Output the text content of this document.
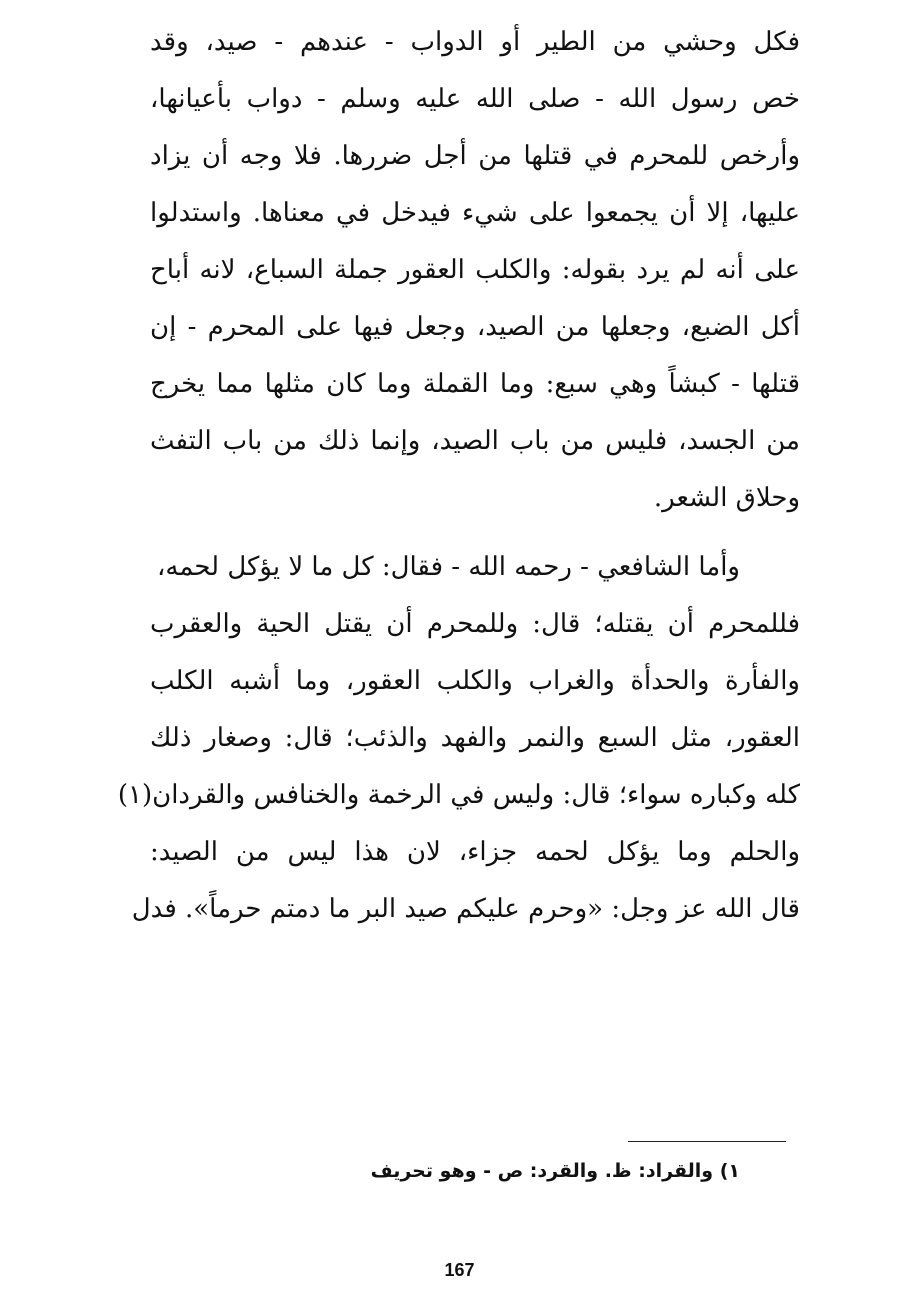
فكل وحشي من الطير أو الدواب - عندهم - صيد، وقد
خص رسول الله - صلى الله عليه وسلم - دواب بأعيانها،
وأرخص للمحرم في قتلها من أجل ضررها. فلا وجه أن يزاد
عليها، إلا أن يجمعوا على شيء فيدخل في معناها. واستدلوا
على أنه لم يرد بقوله: والكلب العقور جملة السباع، لانه أباح
أكل الضبع، وجعلها من الصيد، وجعل فيها على المحرم - إن
قتلها - كبشاً وهي سبع: وما القملة وما كان مثلها مما يخرج
من الجسد، فليس من باب الصيد، وإنما ذلك من باب التفث
وحلاق الشعر.
وأما الشافعي - رحمه الله - فقال: كل ما لا يؤكل لحمه،
فللمحرم أن يقتله؛ قال: وللمحرم أن يقتل الحية والعقرب
والفأرة والحدأة والغراب والكلب العقور، وما أشبه الكلب
العقور، مثل السبع والنمر والفهد والذئب؛ قال: وصغار ذلك
كله وكباره سواء؛ قال: وليس في الرخمة والخنافس والقردان(١)
والحلم وما يؤكل لحمه جزاء، لان هذا ليس من الصيد:
قال الله عز وجل: «وحرم عليكم صيد البر ما دمتم حرماً». فدل
١) والقراد: ظ. والقرد: ص - وهو تحريف
167
